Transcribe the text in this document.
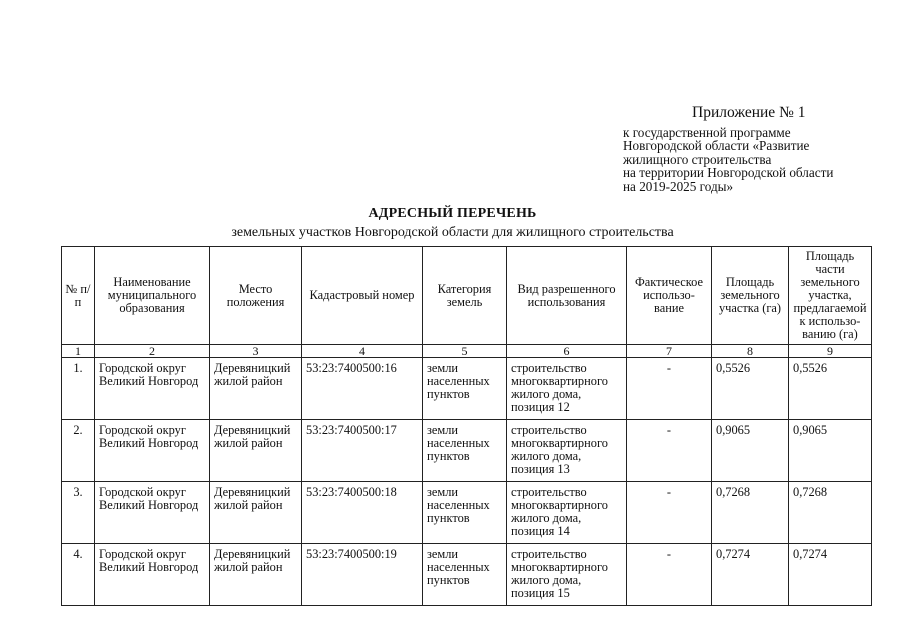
Приложение № 1
к государственной программе
Новгородской области «Развитие
жилищного строительства
на территории Новгородской области
на 2019-2025 годы»
АДРЕСНЫЙ ПЕРЕЧЕНЬ
земельных участков Новгородской области для жилищного строительства
№ п/п	Наименование муниципального образования	Место положения	Кадастровый номер	Категория земель	Вид разрешенного использования	Фактическое использо- вание	Площадь земельного участка (га)	Площадь части земельного участка, предлагаемой к использо- ванию (га)
1	2	3	4	5	6	7	8	9
1.	Городской округ Великий Новгород	Деревяницкий жилой район	53:23:7400500:16	земли населенных пунктов	строительство многоквартирного жилого дома, позиция 12	-	0,5526	0,5526
2.	Городской округ Великий Новгород	Деревяницкий жилой район	53:23:7400500:17	земли населенных пунктов	строительство многоквартирного жилого дома, позиция 13	-	0,9065	0,9065
3.	Городской округ Великий Новгород	Деревяницкий жилой район	53:23:7400500:18	земли населенных пунктов	строительство многоквартирного жилого дома, позиция 14	-	0,7268	0,7268
4.	Городской округ Великий Новгород	Деревяницкий жилой район	53:23:7400500:19	земли населенных пунктов	строительство многоквартирного жилого дома, позиция 15	-	0,7274	0,7274
